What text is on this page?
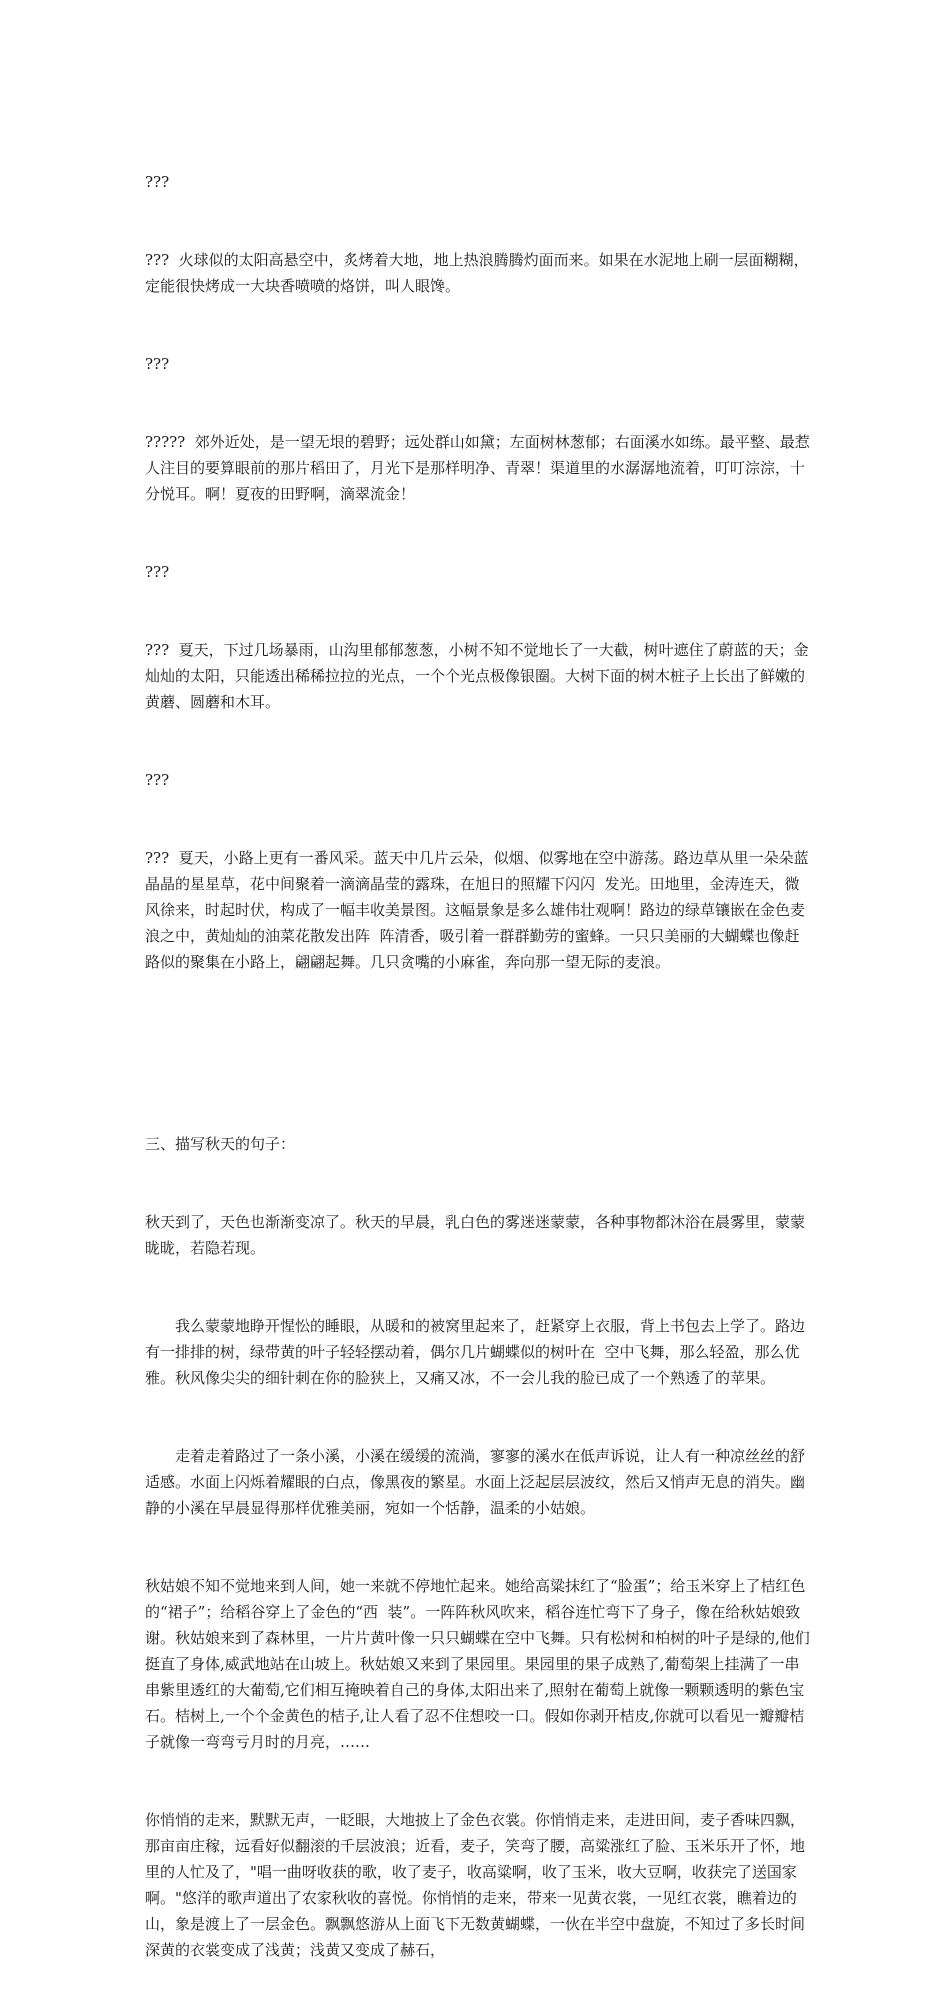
???

???  火球似的太阳高悬空中，炙烤着大地，地上热浪腾腾灼面而来。如果在水泥地上刷一层面糊糊，定能很快烤成一大块香喷喷的烙饼，叫人眼馋。

???

?????  郊外近处，是一望无垠的碧野；远处群山如黛；左面树林葱郁；右面溪水如练。最平整、最惹人注目的要算眼前的那片稻田了，月光下是那样明净、青翠！渠道里的水潺潺地流着，叮叮淙淙，十分悦耳。啊！夏夜的田野啊，滴翠流金！

???

???  夏天，下过几场暴雨，山沟里郁郁葱葱，小树不知不觉地长了一大截，树叶遮住了蔚蓝的天；金灿灿的太阳，只能透出稀稀拉拉的光点，一个个光点极像银圈。大树下面的树木桩子上长出了鲜嫩的黄蘑、圆蘑和木耳。

???

???  夏天，小路上更有一番风采。蓝天中几片云朵，似烟、似雾地在空中游荡。路边草从里一朵朵蓝晶晶的星星草，花中间聚着一滴滴晶莹的露珠，在旭日的照耀下闪闪  发光。田地里，金涛连天，微风徐来，时起时伏，构成了一幅丰收美景图。这幅景象是多么雄伟壮观啊！路边的绿草镶嵌在金色麦浪之中，黄灿灿的油菜花散发出阵  阵清香，吸引着一群群勤劳的蜜蜂。一只只美丽的大蝴蝶也像赶路似的聚集在小路上，翩翩起舞。几只贪嘴的小麻雀，奔向那一望无际的麦浪。

三、描写秋天的句子：

秋天到了，天色也渐渐变凉了。秋天的早晨，乳白色的雾迷迷蒙蒙，各种事物都沐浴在晨雾里，蒙蒙昽昽，若隐若现。

我么蒙蒙地睁开惺忪的睡眼，从暖和的被窝里起来了，赶紧穿上衣服，背上书包去上学了。路边有一排排的树，绿带黄的叶子轻轻摆动着，偶尔几片蝴蝶似的树叶在  空中飞舞，那么轻盈，那么优雅。秋风像尖尖的细针刺在你的脸狭上，又痛又冰，不一会儿我的脸已成了一个熟透了的苹果。

走着走着路过了一条小溪，小溪在缓缓的流淌，寥寥的溪水在低声诉说，让人有一种凉丝丝的舒适感。水面上闪烁着耀眼的白点，像黑夜的繁星。水面上泛起层层波纹，然后又悄声无息的消失。幽静的小溪在早晨显得那样优雅美丽，宛如一个恬静，温柔的小姑娘。

秋姑娘不知不觉地来到人间，她一来就不停地忙起来。她给高粱抹红了“脸蛋”；给玉米穿上了桔红色的“裙子”；给稻谷穿上了金色的“西  装”。一阵阵秋风吹来，稻谷连忙弯下了身子，像在给秋姑娘致谢。秋姑娘来到了森林里，一片片黄叶像一只只蝴蝶在空中飞舞。只有松树和柏树的叶子是绿的,他们挺直了身体,威武地站在山坡上。秋姑娘又来到了果园里。果园里的果子成熟了,葡萄架上挂满了一串串紫里透红的大葡萄,它们相互掩映着自己的身体,太阳出来了,照射在葡萄上就像一颗颗透明的紫色宝石。桔树上,一个个金黄色的桔子,让人看了忍不住想咬一口。假如你剥开桔皮,你就可以看见一瓣瓣桔子就像一弯弯亏月时的月亮，……

你悄悄的走来，默默无声，一眨眼，大地披上了金色衣裳。你悄悄走来，走进田间，麦子香味四飘，那亩亩庄稼，远看好似翻滚的千层波浪；近看，麦子，笑弯了腰，高粱涨红了脸、玉米乐开了怀，地里的人忙及了，"唱一曲呀收获的歌，收了麦子，收高粱啊，收了玉米，收大豆啊，收获完了送国家啊。"悠洋的歌声道出了农家秋收的喜悦。你悄悄的走来，带来一见黄衣裳，一见红衣裳，瞧着边的山，象是渡上了一层金色。飘飘悠游从上面飞下无数黄蝴蝶，一伙在半空中盘旋，不知过了多长时间深黄的衣裳变成了浅黄；浅黄又变成了赫石，
